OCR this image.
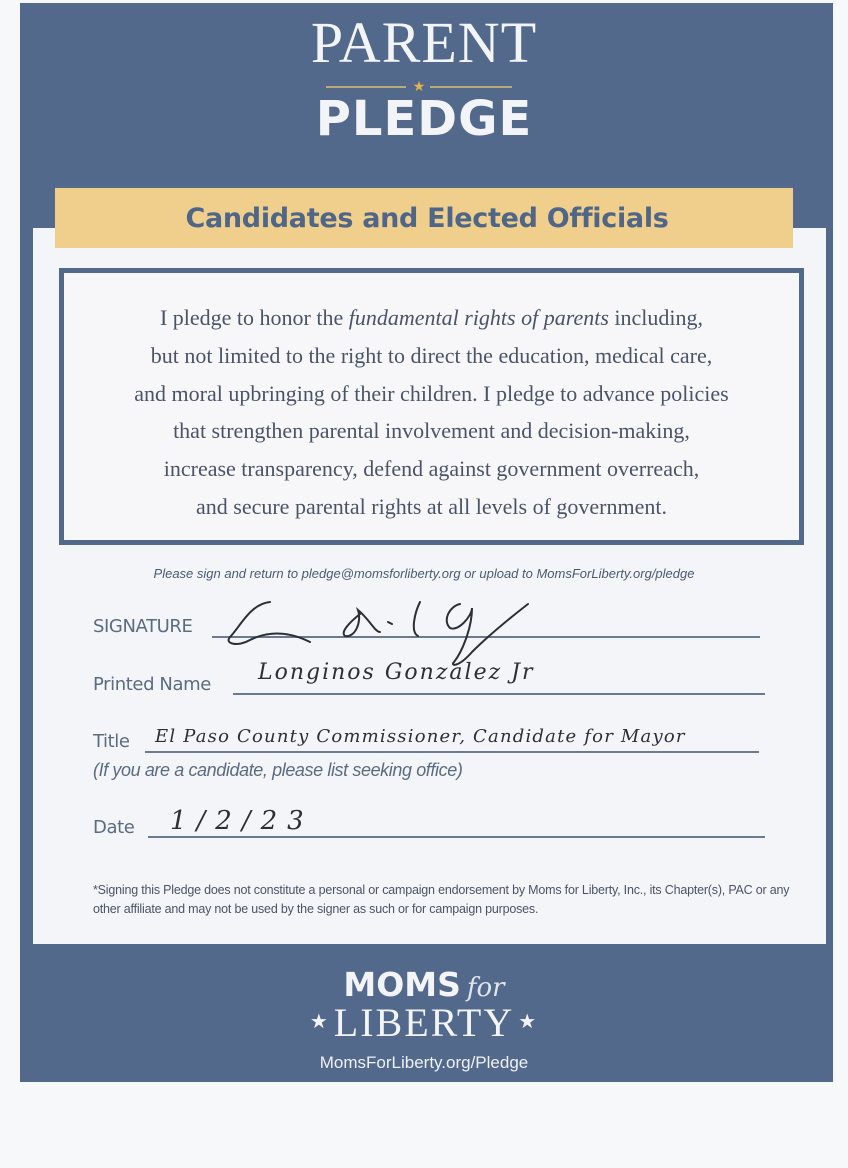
PARENT
★
PLEDGE
Candidates and Elected Officials
I pledge to honor the fundamental rights of parents including,
but not limited to the right to direct the education, medical care,
and moral upbringing of their children. I pledge to advance policies
that strengthen parental involvement and decision-making,
increase transparency, defend against government overreach,
and secure parental rights at all levels of government.
Please sign and return to pledge@momsforliberty.org or upload to MomsForLiberty.org/pledge
SIGNATURE
Printed Name Longinos Gonzalez Jr
Title El Paso County Commissioner, Candidate for Mayor
(If you are a candidate, please list seeking office)
Date 1/2/23
*Signing this Pledge does not constitute a personal or campaign endorsement by Moms for Liberty, Inc., its Chapter(s), PAC or any other affiliate and may not be used by the signer as such or for campaign purposes.
MOMS for
★ LIBERTY ★
MomsForLiberty.org/Pledge
